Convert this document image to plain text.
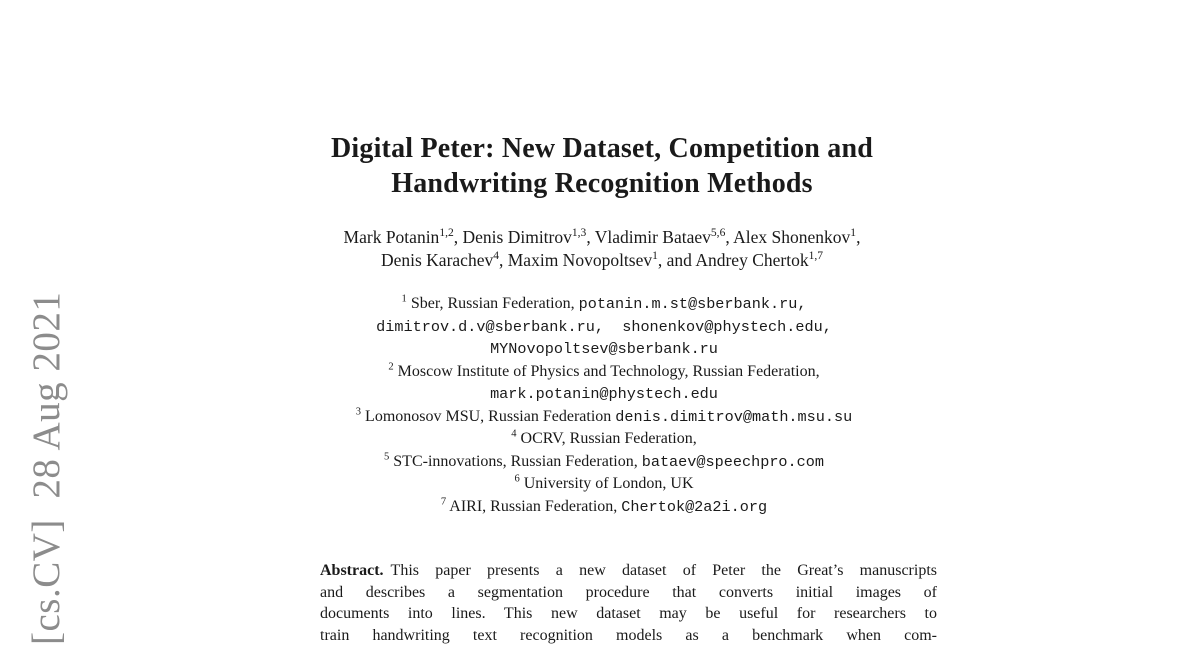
[cs.CV]  28 Aug 2021
Digital Peter: New Dataset, Competition and
Handwriting Recognition Methods
Mark Potanin$^{1,2}$, Denis Dimitrov$^{1,3}$, Vladimir Bataev$^{5,6}$, Alex Shonenkov$^1$,
Denis Karachev$^4$, Maxim Novopoltsev$^1$, and Andrey Chertok$^{1,7}$
$^1$ Sber, Russian Federation, potanin.m.st@sberbank.ru,
dimitrov.d.v@sberbank.ru,  shonenkov@phystech.edu,
MYNovopoltsev@sberbank.ru
$^2$ Moscow Institute of Physics and Technology, Russian Federation,
mark.potanin@phystech.edu
$^3$ Lomonosov MSU, Russian Federation denis.dimitrov@math.msu.su
$^4$ OCRV, Russian Federation,
$^5$ STC-innovations, Russian Federation, bataev@speechpro.com
$^6$ University of London, UK
$^7$ AIRI, Russian Federation, Chertok@2a2i.org
Abstract. This paper presents a new dataset of Peter the Great’s manuscripts
and describes a segmentation procedure that converts initial images of
documents into lines. This new dataset may be useful for researchers to
train handwriting text recognition models as a benchmark when com-
